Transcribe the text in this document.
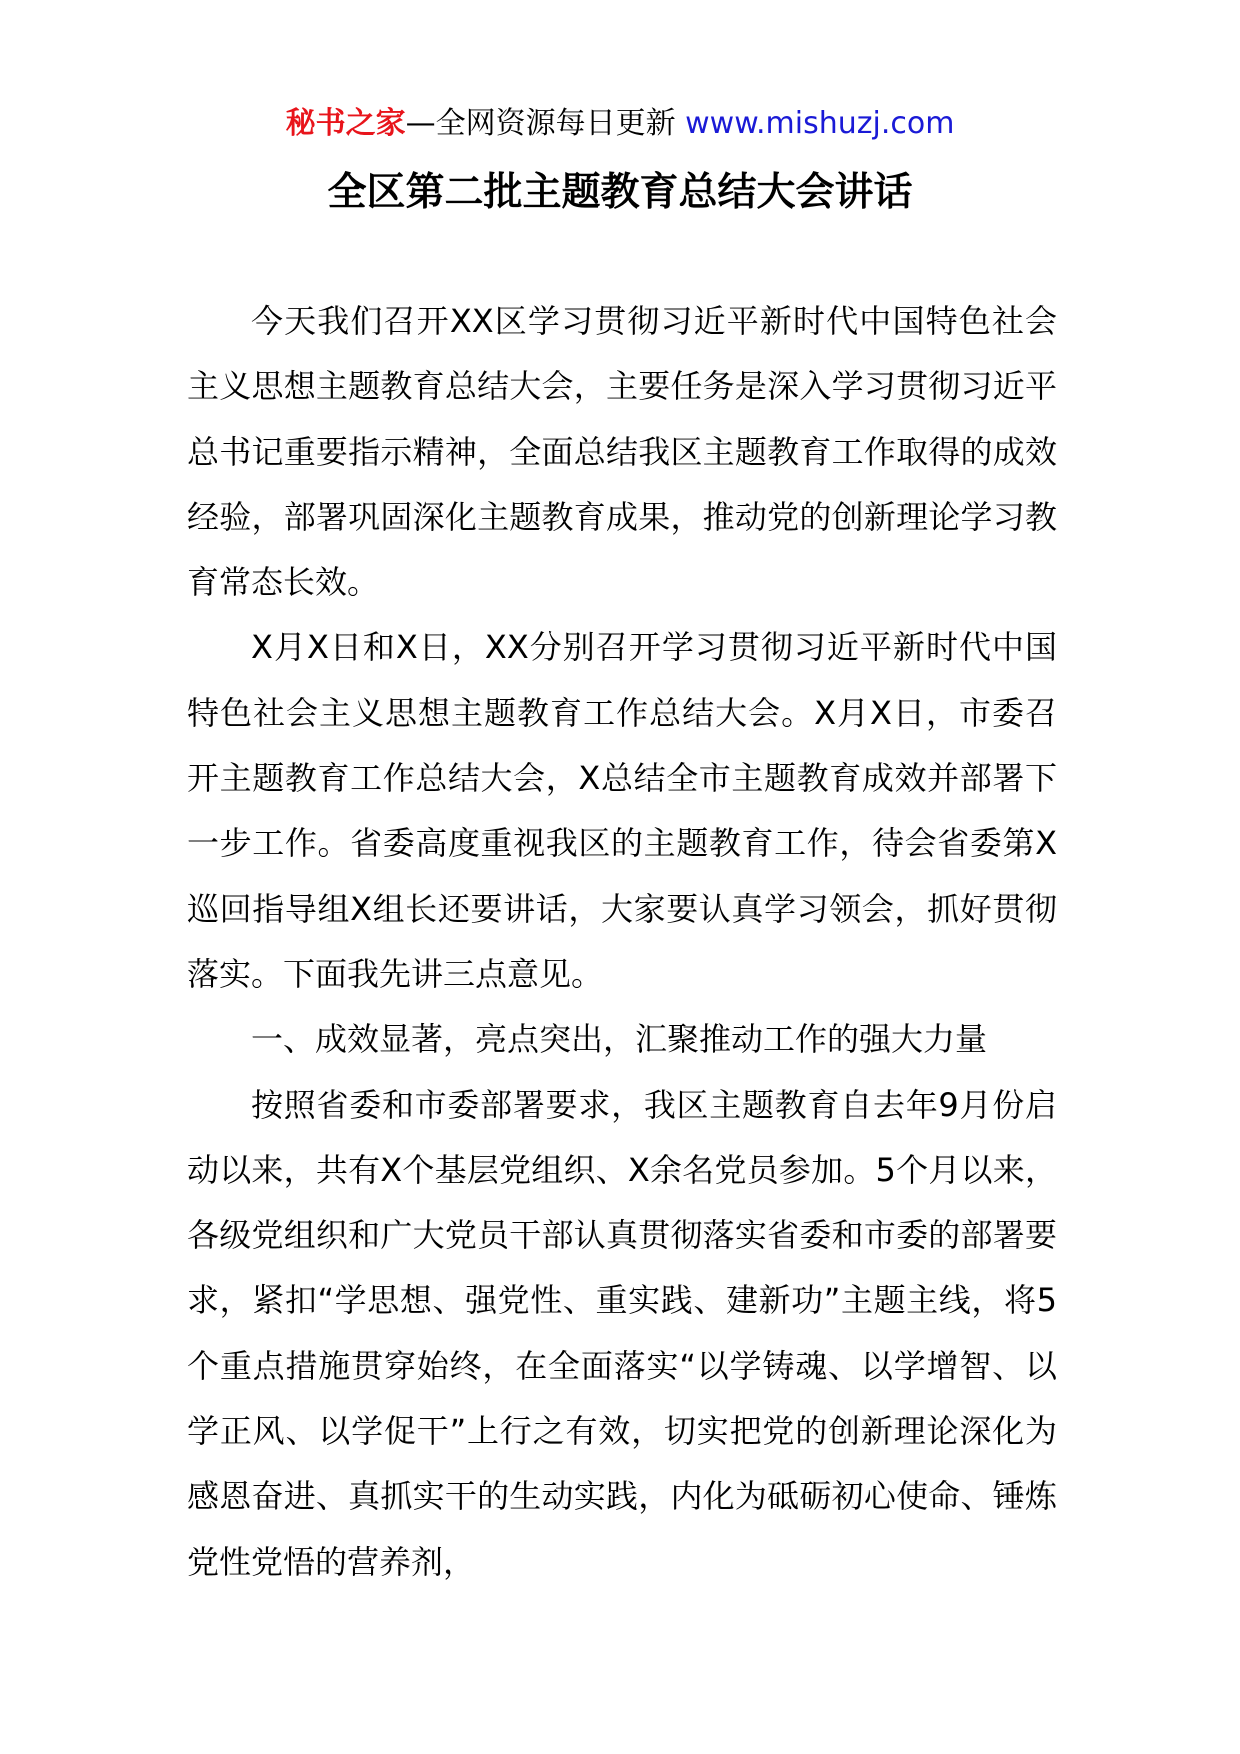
秘书之家—全网资源每日更新 www.mishuzj.com
全区第二批主题教育总结大会讲话

今天我们召开XX区学习贯彻习近平新时代中国特色社会主义思想主题教育总结大会，主要任务是深入学习贯彻习近平总书记重要指示精神，全面总结我区主题教育工作取得的成效经验，部署巩固深化主题教育成果，推动党的创新理论学习教育常态长效。

X月X日和X日，XX分别召开学习贯彻习近平新时代中国特色社会主义思想主题教育工作总结大会。X月X日，市委召开主题教育工作总结大会，X总结全市主题教育成效并部署下一步工作。省委高度重视我区的主题教育工作，待会省委第X巡回指导组X组长还要讲话，大家要认真学习领会，抓好贯彻落实。下面我先讲三点意见。

一、成效显著，亮点突出，汇聚推动工作的强大力量

按照省委和市委部署要求，我区主题教育自去年9月份启动以来，共有X个基层党组织、X余名党员参加。5个月以来，各级党组织和广大党员干部认真贯彻落实省委和市委的部署要求，紧扣“学思想、强党性、重实践、建新功”主题主线，将5个重点措施贯穿始终，在全面落实“以学铸魂、以学增智、以学正风、以学促干”上行之有效，切实把党的创新理论深化为感恩奋进、真抓实干的生动实践，内化为砥砺初心使命、锤炼党性党悟的营养剂，
